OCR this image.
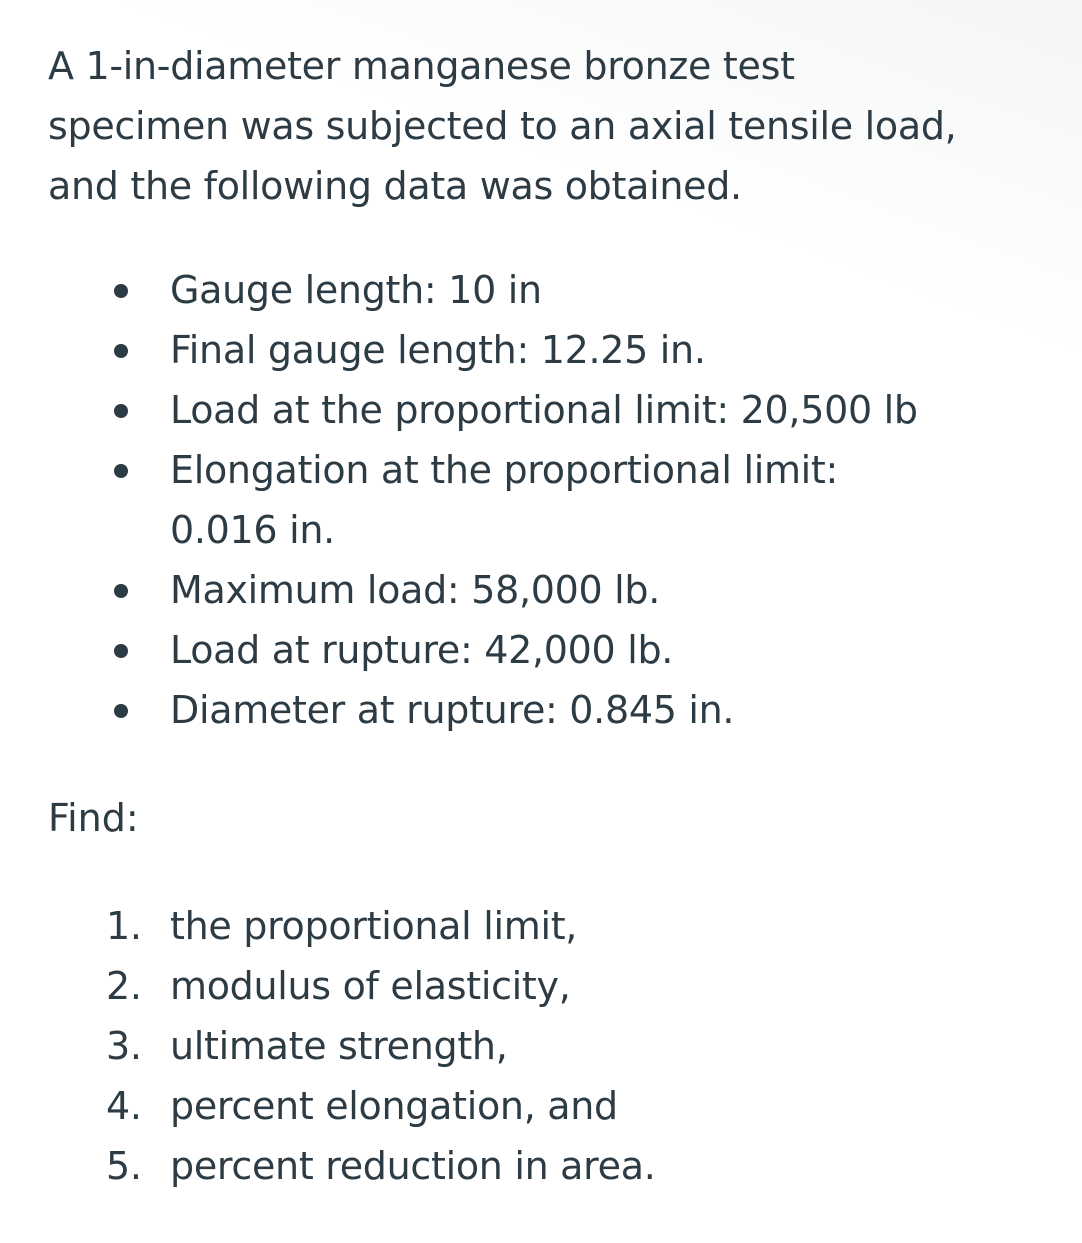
A 1-in-diameter manganese bronze test
specimen was subjected to an axial tensile load,
and the following data was obtained.

Gauge length: 10 in
Final gauge length: 12.25 in.
Load at the proportional limit: 20,500 lb
Elongation at the proportional limit:
0.016 in.
Maximum load: 58,000 lb.
Load at rupture: 42,000 lb.
Diameter at rupture: 0.845 in.

Find:

1. the proportional limit,
2. modulus of elasticity,
3. ultimate strength,
4. percent elongation, and
5. percent reduction in area.
